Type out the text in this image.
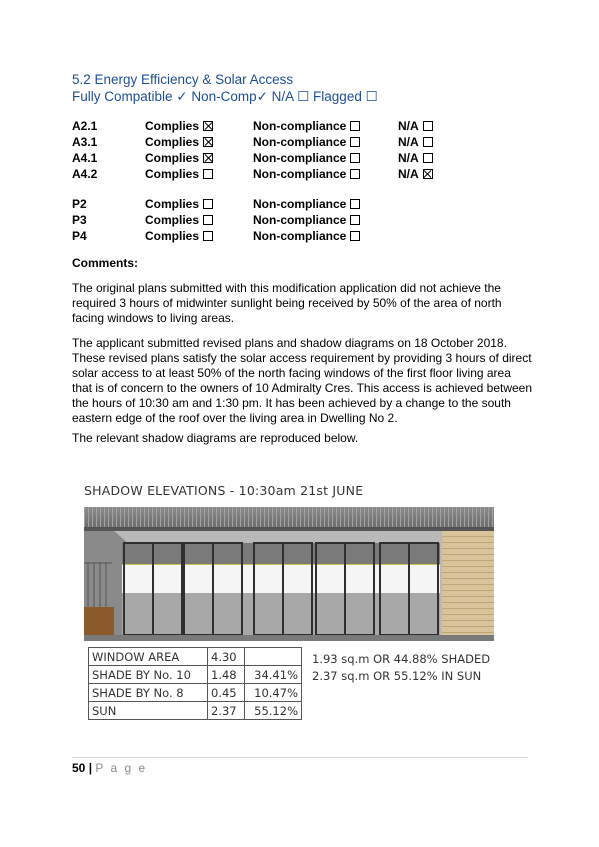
5.2 Energy Efficiency & Solar Access
Fully Compatible ✓ Non-Comp✓ N/A ☐ Flagged ☐
A2.1	Complies	Non-compliance	N/A
A3.1	Complies	Non-compliance	N/A
A4.1	Complies	Non-compliance	N/A
A4.2	Complies	Non-compliance	N/A
P2	Complies	Non-compliance
P3	Complies	Non-compliance
P4	Complies	Non-compliance
Comments:

The original plans submitted with this modification application did not achieve the required 3 hours of midwinter sunlight being received by 50% of the area of north facing windows to living areas.

The applicant submitted revised plans and shadow diagrams on 18 October 2018. These revised plans satisfy the solar access requirement by providing 3 hours of direct solar access to at least 50% of the north facing windows of the first floor living area that is of concern to the owners of 10 Admiralty Cres. This access is achieved between the hours of 10:30 am and 1:30 pm. It has been achieved by a change to the south eastern edge of the roof over the living area in Dwelling No 2.

The relevant shadow diagrams are reproduced below.

SHADOW ELEVATIONS - 10:30am 21st JUNE
WINDOW AREA	4.30	
SHADE BY No. 10	1.48	34.41%
SHADE BY No. 8	0.45	10.47%
SUN	2.37	55.12%
1.93 sq.m OR 44.88% SHADED
2.37 sq.m OR 55.12% IN SUN
50 | P a g e
